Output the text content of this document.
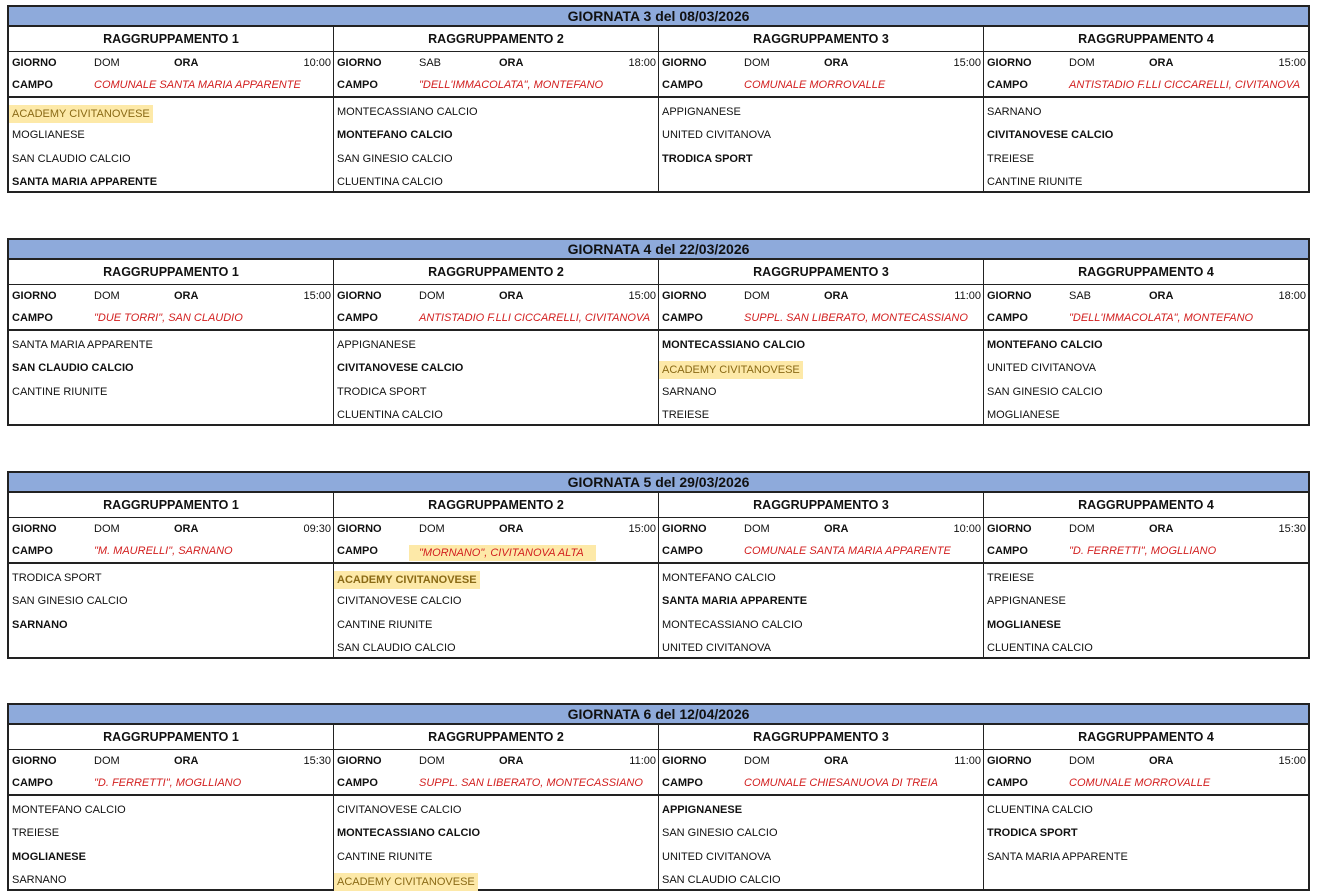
GIORNATA 3 del 08/03/2026
RAGGRUPPAMENTO 1
GIORNO	DOM	ORA	10:00
CAMPO	COMUNALE SANTA MARIA APPARENTE
ACADEMY CIVITANOVESE
MOGLIANESE
SAN CLAUDIO CALCIO
SANTA MARIA APPARENTE
RAGGRUPPAMENTO 2
GIORNO	SAB	ORA	18:00
CAMPO	"DELL'IMMACOLATA", MONTEFANO
MONTECASSIANO CALCIO
MONTEFANO CALCIO
SAN GINESIO CALCIO
CLUENTINA CALCIO
RAGGRUPPAMENTO 3
GIORNO	DOM	ORA	15:00
CAMPO	COMUNALE MORROVALLE
APPIGNANESE
UNITED CIVITANOVA
TRODICA SPORT
RAGGRUPPAMENTO 4
GIORNO	DOM	ORA	15:00
CAMPO	ANTISTADIO F.LLI CICCARELLI, CIVITANOVA
SARNANO
CIVITANOVESE CALCIO
TREIESE
CANTINE RIUNITE
GIORNATA 4 del 22/03/2026
RAGGRUPPAMENTO 1
GIORNO	DOM	ORA	15:00
CAMPO	"DUE TORRI", SAN CLAUDIO
SANTA MARIA APPARENTE
SAN CLAUDIO CALCIO
CANTINE RIUNITE
RAGGRUPPAMENTO 2
GIORNO	DOM	ORA	15:00
CAMPO	ANTISTADIO F.LLI CICCARELLI, CIVITANOVA
APPIGNANESE
CIVITANOVESE CALCIO
TRODICA SPORT
CLUENTINA CALCIO
RAGGRUPPAMENTO 3
GIORNO	DOM	ORA	11:00
CAMPO	SUPPL. SAN LIBERATO, MONTECASSIANO
MONTECASSIANO CALCIO
ACADEMY CIVITANOVESE
SARNANO
TREIESE
RAGGRUPPAMENTO 4
GIORNO	SAB	ORA	18:00
CAMPO	"DELL'IMMACOLATA", MONTEFANO
MONTEFANO CALCIO
UNITED CIVITANOVA
SAN GINESIO CALCIO
MOGLIANESE
GIORNATA 5 del 29/03/2026
RAGGRUPPAMENTO 1
GIORNO	DOM	ORA	09:30
CAMPO	"M. MAURELLI", SARNANO
TRODICA SPORT
SAN GINESIO CALCIO
SARNANO
RAGGRUPPAMENTO 2
GIORNO	DOM	ORA	15:00
CAMPO	"MORNANO", CIVITANOVA ALTA
ACADEMY CIVITANOVESE
CIVITANOVESE CALCIO
CANTINE RIUNITE
SAN CLAUDIO CALCIO
RAGGRUPPAMENTO 3
GIORNO	DOM	ORA	10:00
CAMPO	COMUNALE SANTA MARIA APPARENTE
MONTEFANO CALCIO
SANTA MARIA APPARENTE
MONTECASSIANO CALCIO
UNITED CIVITANOVA
RAGGRUPPAMENTO 4
GIORNO	DOM	ORA	15:30
CAMPO	"D. FERRETTI", MOGLLIANO
TREIESE
APPIGNANESE
MOGLIANESE
CLUENTINA CALCIO
GIORNATA 6 del 12/04/2026
RAGGRUPPAMENTO 1
GIORNO	DOM	ORA	15:30
CAMPO	"D. FERRETTI", MOGLLIANO
MONTEFANO CALCIO
TREIESE
MOGLIANESE
SARNANO
RAGGRUPPAMENTO 2
GIORNO	DOM	ORA	11:00
CAMPO	SUPPL. SAN LIBERATO, MONTECASSIANO
CIVITANOVESE CALCIO
MONTECASSIANO CALCIO
CANTINE RIUNITE
ACADEMY CIVITANOVESE
RAGGRUPPAMENTO 3
GIORNO	DOM	ORA	11:00
CAMPO	COMUNALE CHIESANUOVA DI TREIA
APPIGNANESE
SAN GINESIO CALCIO
UNITED CIVITANOVA
SAN CLAUDIO CALCIO
RAGGRUPPAMENTO 4
GIORNO	DOM	ORA	15:00
CAMPO	COMUNALE MORROVALLE
CLUENTINA CALCIO
TRODICA SPORT
SANTA MARIA APPARENTE
